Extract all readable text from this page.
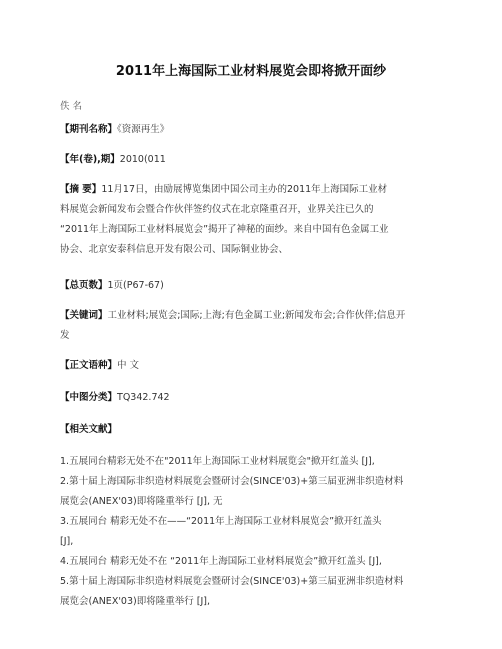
2011年上海国际工业材料展览会即将掀开面纱
佚名
【期刊名称】《资源再生》
【年(卷),期】2010(011
【摘 要】11月17日，由励展博览集团中国公司主办的2011年上海国际工业材
料展览会新闻发布会暨合作伙伴签约仪式在北京隆重召开，业界关注已久的
“2011年上海国际工业材料展览会”揭开了神秘的面纱。来自中国有色金属工业
协会、北京安泰科信息开发有限公司、国际铜业协会、
【总页数】1页(P67-67)
【关键词】工业材料;展览会;国际;上海;有色金属工业;新闻发布会;合作伙伴;信息开
发
【正文语种】中 文
【中图分类】TQ342.742
【相关文献】
1.五展同台精彩无处不在"2011年上海国际工业材料展览会"掀开红盖头 [J],
2.第十届上海国际非织造材料展览会暨研讨会(SINCE'03)+第三届亚洲非织造材料
展览会(ANEX'03)即将隆重举行 [J], 无
3.五展同台 精彩无处不在——“2011年上海国际工业材料展览会”掀开红盖头
[J],
4.五展同台 精彩无处不在 “2011年上海国际工业材料展览会”掀开红盖头 [J],
5.第十届上海国际非织造材料展览会暨研讨会(SINCE'03)+第三届亚洲非织造材料
展览会(ANEX'03)即将隆重举行 [J],
